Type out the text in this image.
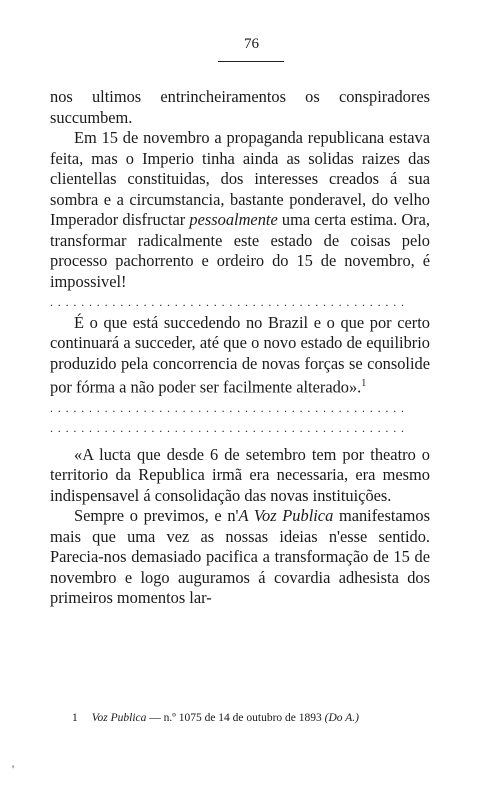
76

nos ultimos entrincheiramentos os conspiradores succumbem.

Em 15 de novembro a propaganda republicana estava feita, mas o Imperio tinha ainda as solidas raizes das clientellas constituidas, dos interesses creados á sua sombra e a circumstancia, bastante ponderavel, do velho Imperador disfructar pessoalmente uma certa estima. Ora, transformar radicalmente este estado de coisas pelo processo pachorrento e ordeiro do 15 de novembro, é impossivel!

..............................................

É o que está succedendo no Brazil e o que por certo continuará a succeder, até que o novo estado de equilibrio produzido pela concorrencia de novas forças se consolide por fórma a não poder ser facilmente alterado».$^1$

..............................................
..............................................

«A lucta que desde 6 de setembro tem por theatro o territorio da Republica irmã era necessaria, era mesmo indispensavel á consolidação das novas instituições.

Sempre o previmos, e n'A Voz Publica manifestamos mais que uma vez as nossas ideias n'esse sentido. Parecia-nos demasiado pacifica a transformação de 15 de novembro e logo auguramos á covardia adhesista dos primeiros momentos lar-

1 Voz Publica — n.º 1075 de 14 de outubro de 1893 (Do A.)
'
